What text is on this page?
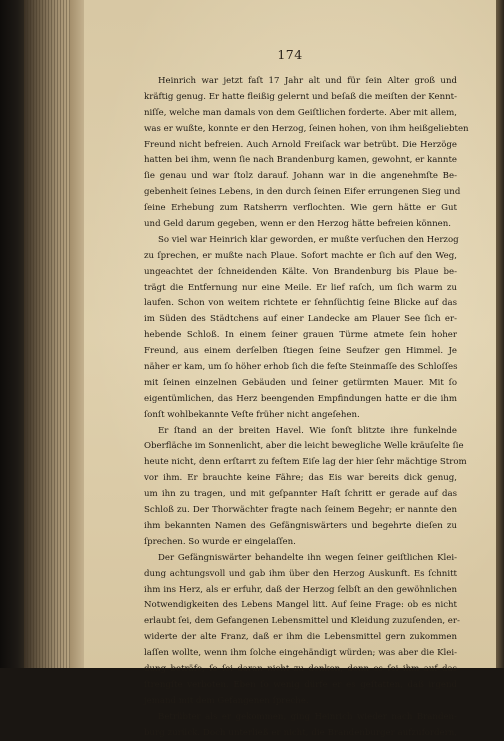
174
Heinrich war jetzt faſt 17 Jahr alt und für ſein Alter groß und
kräftig genug. Er hatte fleißig gelernt und beſaß die meiſten der Kennt-
niſſe, welche man damals von dem Geiſtlichen forderte. Aber mit allem,
was er wußte, konnte er den Herzog, ſeinen hohen, von ihm heißgeliebten
Freund nicht befreien. Auch Arnold Freiſack war betrübt. Die Herzöge
hatten bei ihm, wenn ſie nach Brandenburg kamen, gewohnt, er kannte
ſie genau und war ſtolz darauf. Johann war in die angenehmſte Be-
gebenheit ſeines Lebens, in den durch ſeinen Eifer errungenen Sieg und
ſeine Erhebung zum Ratsherrn verflochten. Wie gern hätte er Gut
und Geld darum gegeben, wenn er den Herzog hätte befreien können.
So viel war Heinrich klar geworden, er mußte verſuchen den Herzog
zu ſprechen, er mußte nach Plaue. Sofort machte er ſich auf den Weg,
ungeachtet der ſchneidenden Kälte. Von Brandenburg bis Plaue be-
trägt die Entfernung nur eine Meile. Er lief raſch, um ſich warm zu
laufen. Schon von weitem richtete er ſehnſüchtig ſeine Blicke auf das
im Süden des Städtchens auf einer Landecke am Plauer See ſich er-
hebende Schloß. In einem ſeiner grauen Türme atmete ſein hoher
Freund, aus einem derſelben ſtiegen ſeine Seufzer gen Himmel. Je
näher er kam, um ſo höher erhob ſich die feſte Steinmaſſe des Schloſſes
mit ſeinen einzelnen Gebäuden und ſeiner getürmten Mauer. Mit ſo
eigentümlichen, das Herz beengenden Empfindungen hatte er die ihm
ſonſt wohlbekannte Veſte früher nicht angeſehen.
Er ſtand an der breiten Havel. Wie ſonſt blitzte ihre funkelnde
Oberfläche im Sonnenlicht, aber die leicht bewegliche Welle kräuſelte ſie
heute nicht, denn erſtarrt zu feſtem Eiſe lag der hier ſehr mächtige Strom
vor ihm. Er brauchte keine Fähre; das Eis war bereits dick genug,
um ihn zu tragen, und mit geſpannter Haſt ſchritt er gerade auf das
Schloß zu. Der Thorwächter fragte nach ſeinem Begehr; er nannte den
ihm bekannten Namen des Gefängniswärters und begehrte dieſen zu
ſprechen. So wurde er eingelaſſen.
Der Gefängniswärter behandelte ihn wegen ſeiner geiſtlichen Klei-
dung achtungsvoll und gab ihm über den Herzog Auskunft. Es ſchnitt
ihm ins Herz, als er erfuhr, daß der Herzog ſelbſt an den gewöhnlichen
Notwendigkeiten des Lebens Mangel litt. Auf ſeine Frage: ob es nicht
erlaubt ſei, dem Gefangenen Lebensmittel und Kleidung zuzuſenden, er-
widerte der alte Franz, daß er ihm die Lebensmittel gern zukommen
laſſen wollte, wenn ihm ſolche eingehändigt würden; was aber die Klei-
dung beträfe, ſo ſei daran nicht zu denken, denn es ſei ihm auf das
ſtrengſte verboten. Eben ſo wenig dürfe er es geſtatten, daß irgend
jemand mit dem Gefangenen ſpreche.
Betrübter als er gekommen, ging Heinrich wieder nach Branden-
burg zurück. Doch unterließ er nicht, die Brandenburger aufzufordern,
